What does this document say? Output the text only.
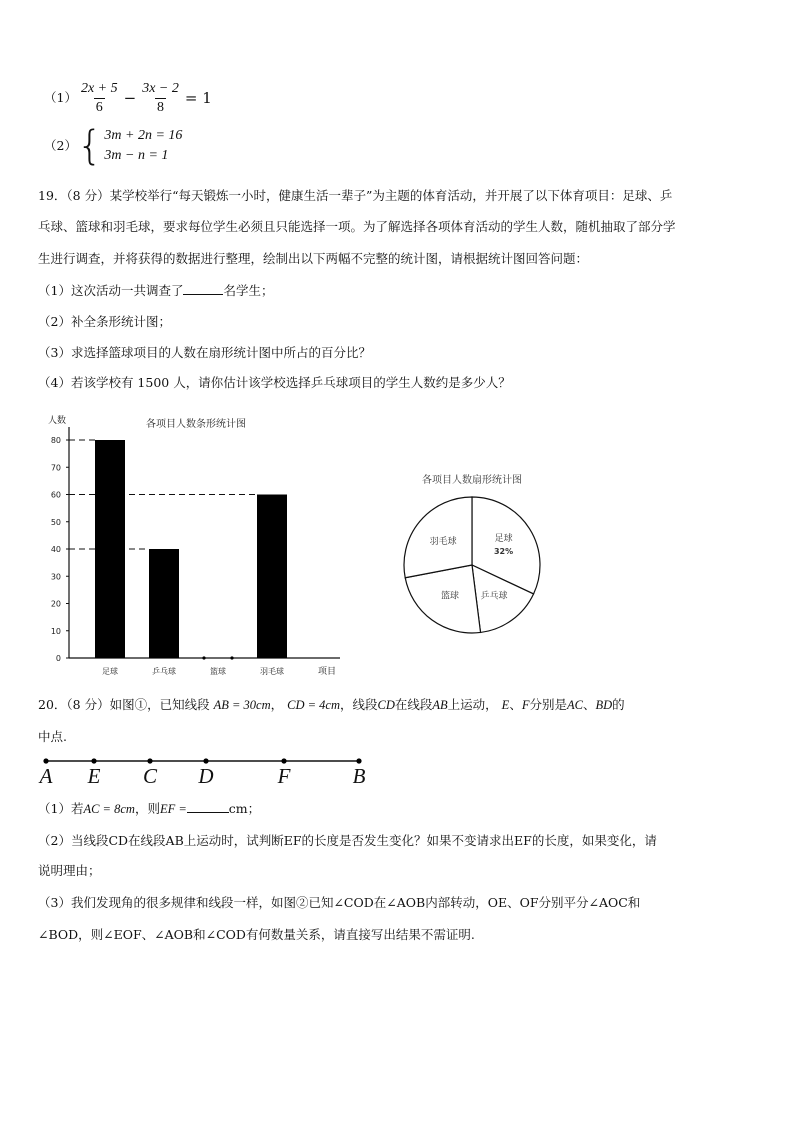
$(1) \frac{2x + 5}{6} - \frac{3x - 2}{8} = 1$
（2） { 3m + 2n = 16
3m − n = 1
19．（8 分）某学校举行“每天锻炼一小时，健康生活一辈子”为主题的体育活动，并开展了以下体育项目：足球、乒
乓球、篮球和羽毛球，要求每位学生必须且只能选择一项。为了解选择各项体育活动的学生人数，随机抽取了部分学
生进行调查，并将获得的数据进行整理，绘制出以下两幅不完整的统计图，请根据统计图回答问题：
（1）这次活动一共调查了	名学生；
（2）补全条形统计图；
（3）求选择篮球项目的人数在扇形统计图中所占的百分比？
（4）若该学校有 1500 人，请你估计该学校选择乒乓球项目的学生人数约是多少人？
人数	各项目人数条形统计图
0
10
20
30
40
50
60
70
80
足球	乒乓球	篮球	羽毛球	项目
各项目人数扇形统计图
足球
乒乓球
篮球
羽毛球
32%
20．（8 分）如图①，已知线段 AB = 30cm， CD = 4cm，线段CD在线段AB上运动， E、F分别是AC、BD的
中点.
A E C D	F	B
（1）若AC = 8cm，则EF =	cm；
（2）当线段CD在线段AB上运动时，试判断EF的长度是否发生变化？如果不变请求出EF的长度，如果变化，请
说明理由；
（3）我们发现角的很多规律和线段一样，如图②已知∠COD在∠AOB内部转动，OE、OF分别平分∠AOC和
∠BOD，则∠EOF、∠AOB和∠COD有何数量关系，请直接写出结果不需证明.
